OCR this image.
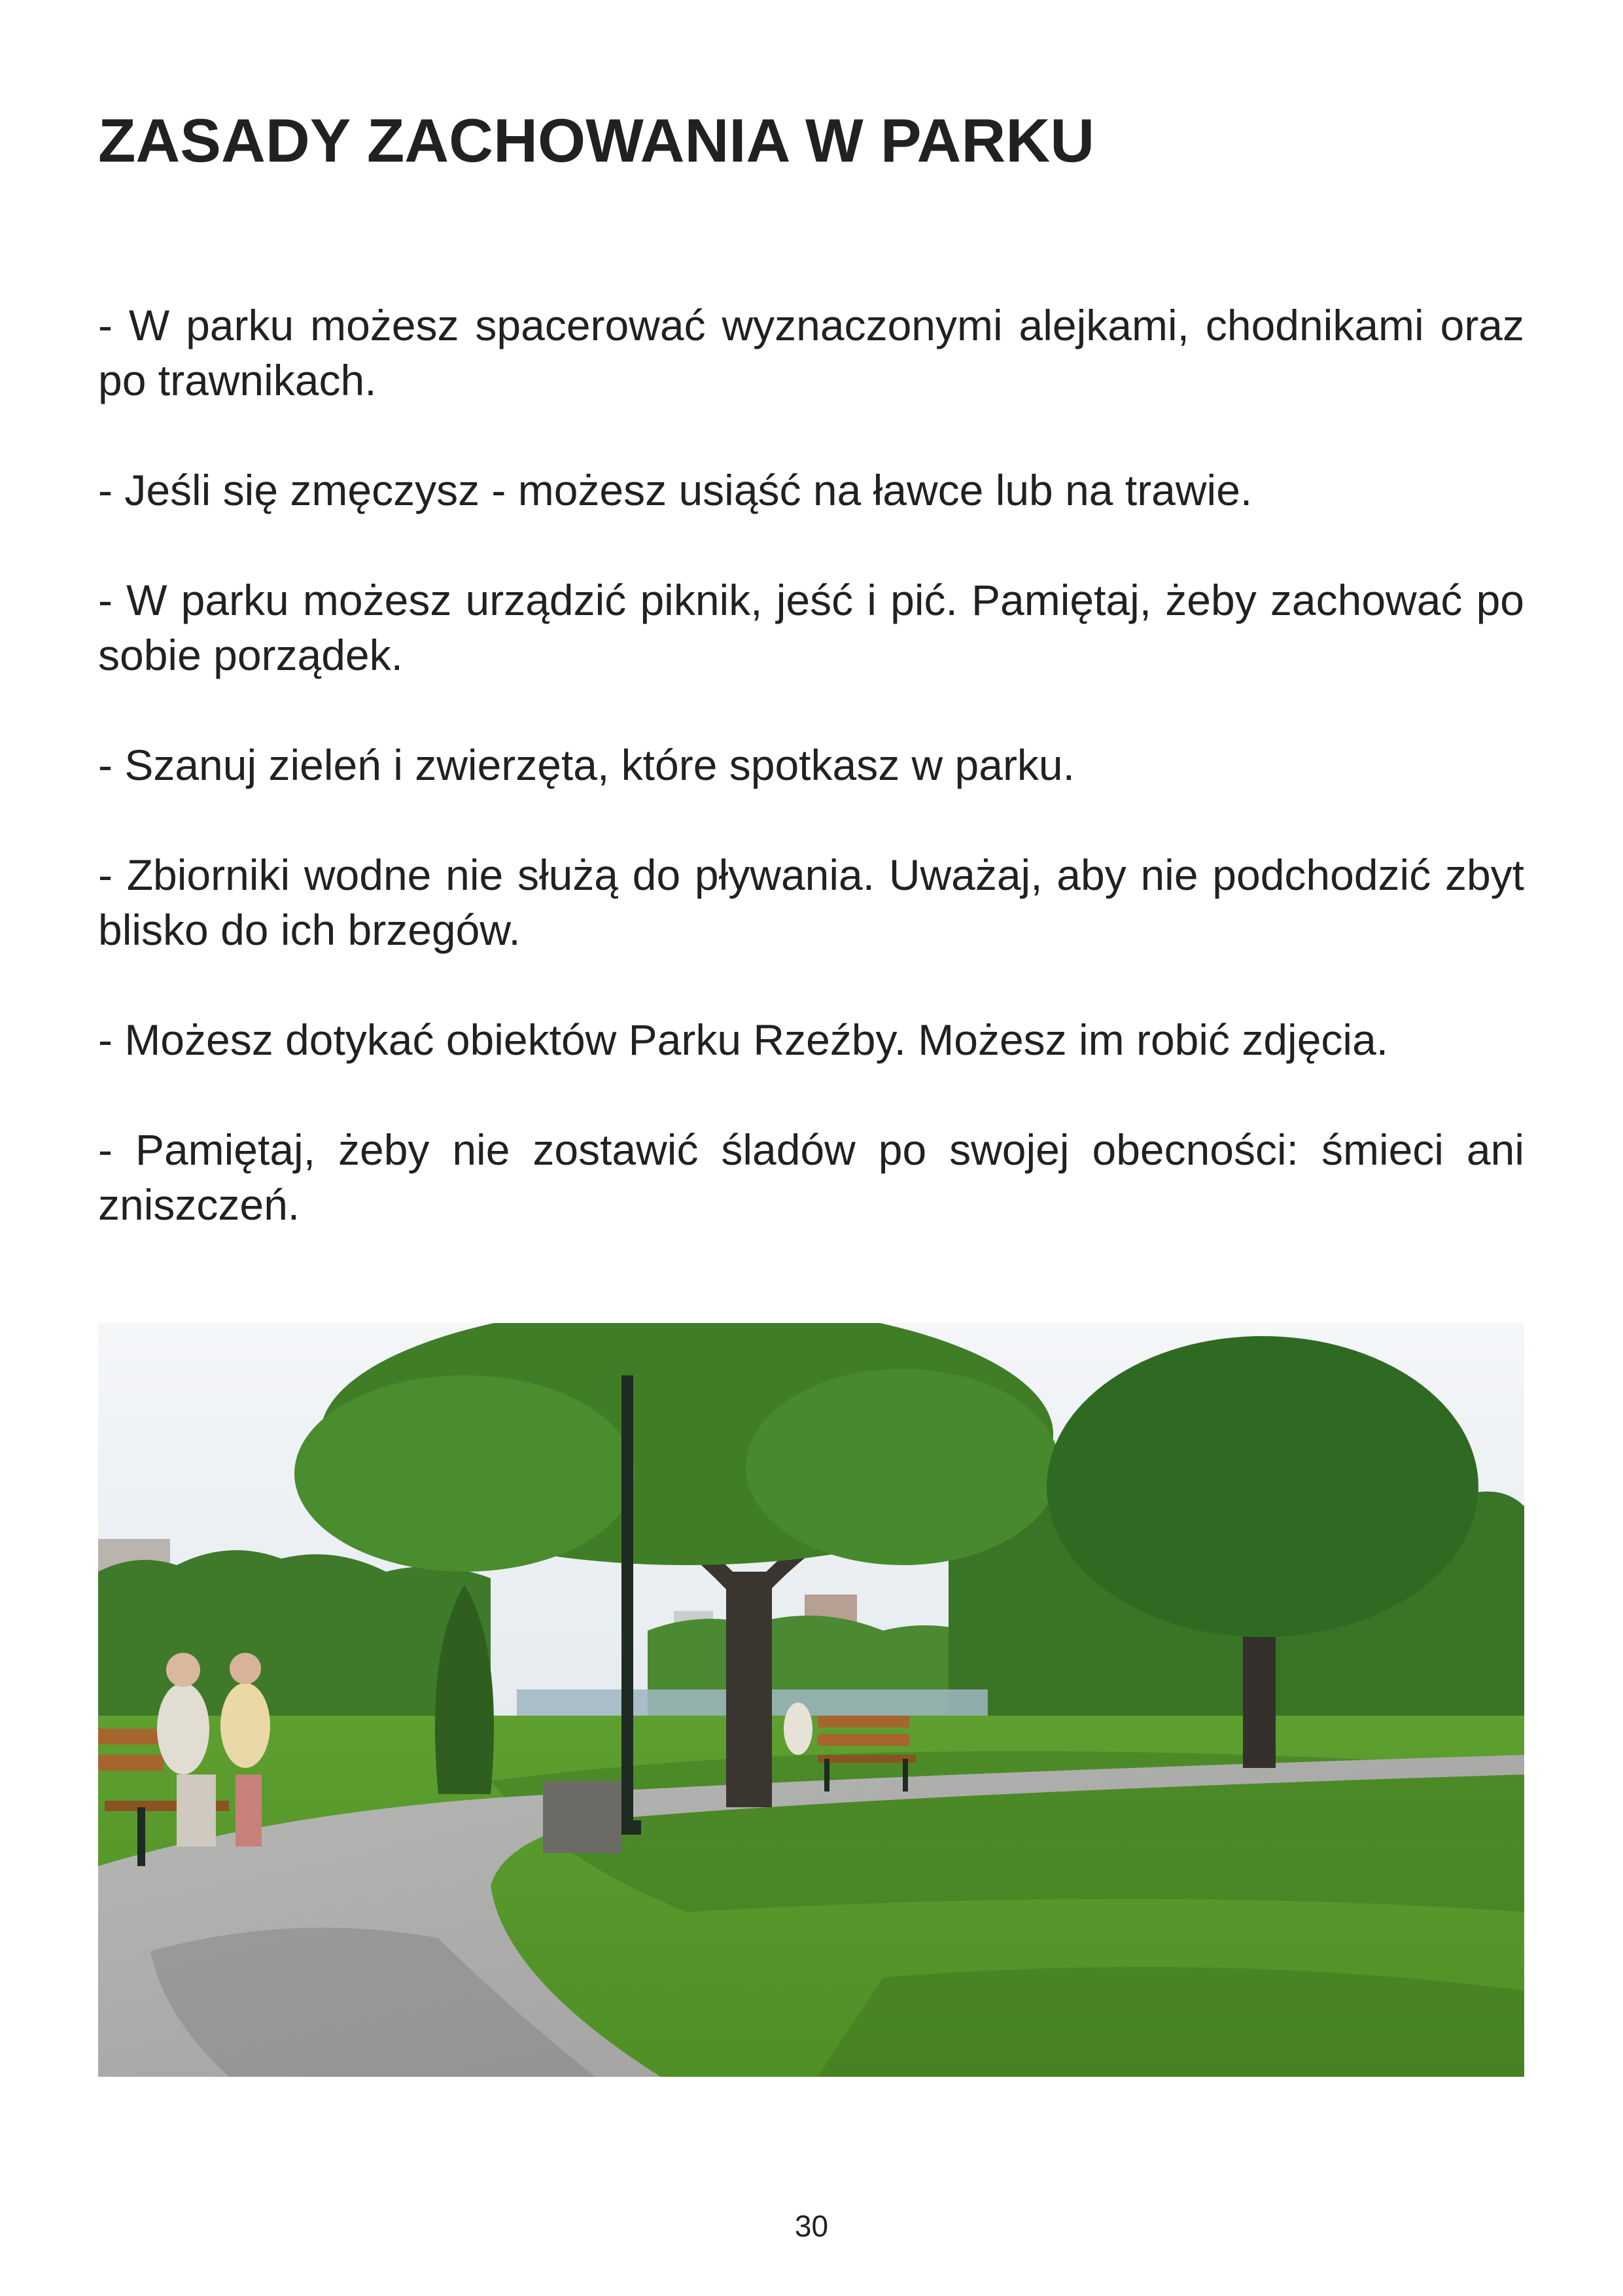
ZASADY ZACHOWANIA W PARKU
- W parku możesz spacerować wyznaczonymi alejkami, chodnikami oraz po trawnikach.
- Jeśli się zmęczysz - możesz usiąść na ławce lub na trawie.
- W parku możesz urządzić piknik, jeść i pić. Pamiętaj, żeby zachować po sobie porządek.
- Szanuj zieleń i zwierzęta, które spotkasz w parku.
- Zbiorniki wodne nie służą do pływania. Uważaj, aby nie podchodzić zbyt blisko do ich brzegów.
- Możesz dotykać obiektów Parku Rzeźby. Możesz im robić zdjęcia.
- Pamiętaj, żeby nie zostawić śladów po swojej obecności: śmieci ani zniszczeń.
30
